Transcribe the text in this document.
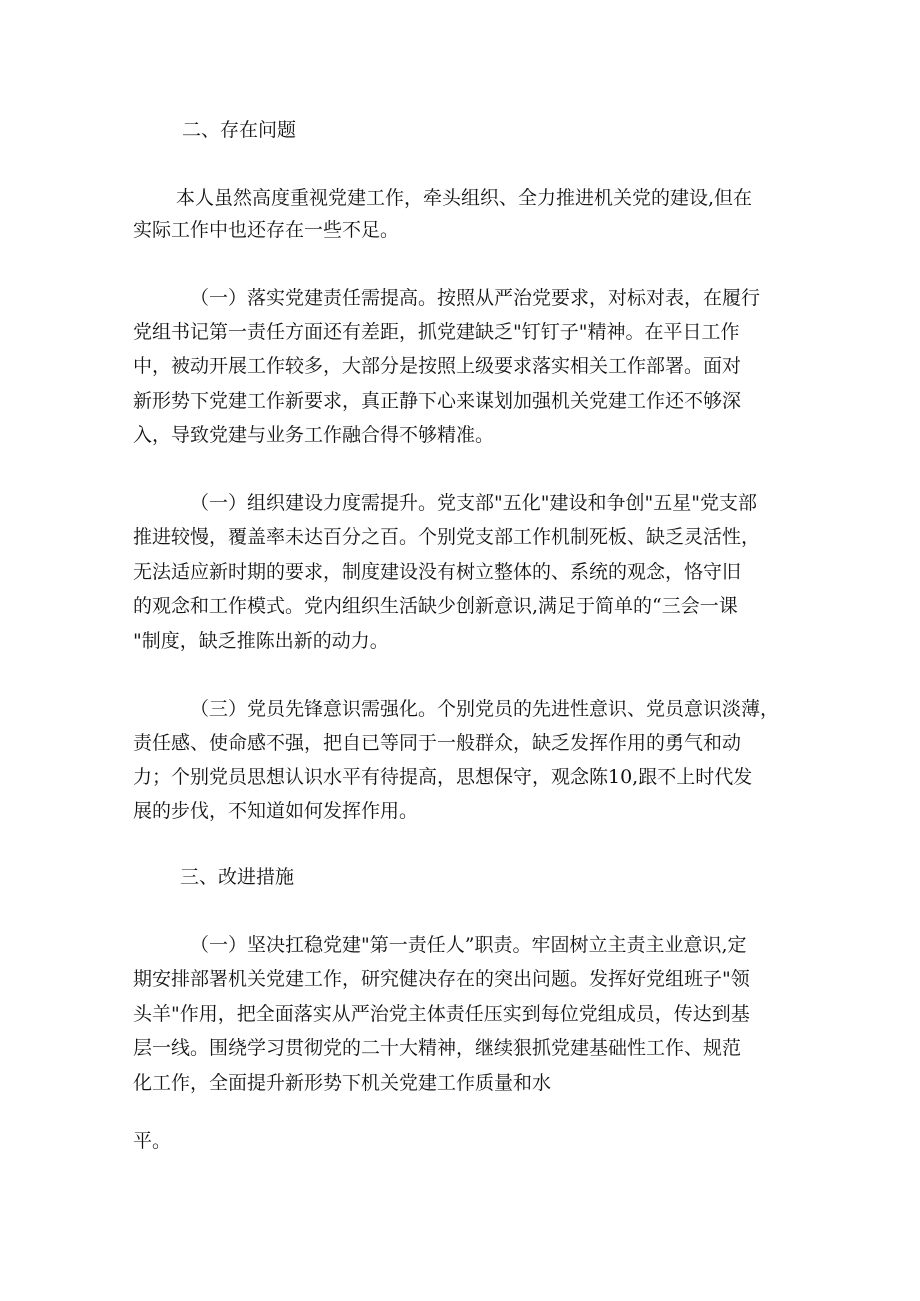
二、存在问题
本人虽然高度重视党建工作，牵头组织、全力推进机关党的建设,但在
实际工作中也还存在一些不足。
（一）落实党建责任需提高。按照从严治党要求，对标对表，在履行
党组书记第一责任方面还有差距，抓党建缺乏"钉钉子"精神。在平日工作
中，被动开展工作较多，大部分是按照上级要求落实相关工作部署。面对
新形势下党建工作新要求，真正静下心来谋划加强机关党建工作还不够深
入，导致党建与业务工作融合得不够精准。
（一）组织建设力度需提升。党支部"五化"建设和争创"五星"党支部
推进较慢，覆盖率未达百分之百。个别党支部工作机制死板、缺乏灵活性，
无法适应新时期的要求，制度建设没有树立整体的、系统的观念，恪守旧
的观念和工作模式。党内组织生活缺少创新意识,满足于简单的“三会一课
"制度，缺乏推陈出新的动力。
（三）党员先锋意识需强化。个别党员的先进性意识、党员意识淡薄，
责任感、使命感不强，把自已等同于一般群众，缺乏发挥作用的勇气和动
力；个别党员思想认识水平有待提高，思想保守，观念陈10,跟不上时代发
展的步伐，不知道如何发挥作用。
三、改进措施
（一）坚决扛稳党建"第一责任人”职责。牢固树立主责主业意识,定
期安排部署机关党建工作，研究健决存在的突出问题。发挥好党组班子"领
头羊"作用，把全面落实从严治党主体责任压实到每位党组成员，传达到基
层一线。围绕学习贯彻党的二十大精神，继续狠抓党建基础性工作、规范
化工作，全面提升新形势下机关党建工作质量和水
平。
